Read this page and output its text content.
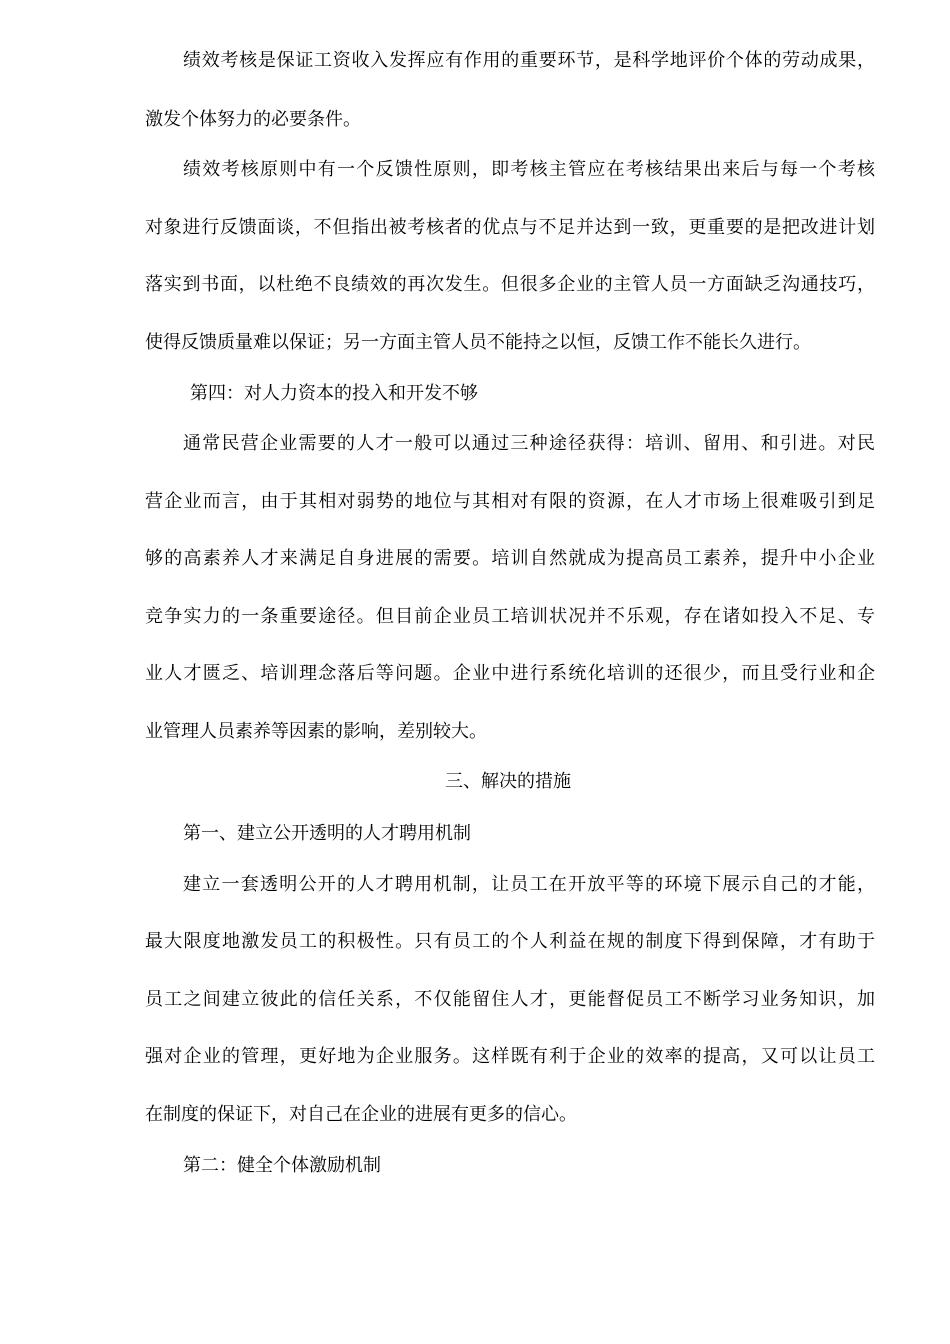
绩效考核是保证工资收入发挥应有作用的重要环节，是科学地评价个体的劳动成果，
激发个体努力的必要条件。
绩效考核原则中有一个反馈性原则，即考核主管应在考核结果出来后与每一个考核
对象进行反馈面谈，不但指出被考核者的优点与不足并达到一致，更重要的是把改进计划
落实到书面，以杜绝不良绩效的再次发生。但很多企业的主管人员一方面缺乏沟通技巧，
使得反馈质量难以保证；另一方面主管人员不能持之以恒，反馈工作不能长久进行。
第四：对人力资本的投入和开发不够
通常民营企业需要的人才一般可以通过三种途径获得：培训、留用、和引进。对民
营企业而言，由于其相对弱势的地位与其相对有限的资源，在人才市场上很难吸引到足
够的高素养人才来满足自身进展的需要。培训自然就成为提高员工素养，提升中小企业
竞争实力的一条重要途径。但目前企业员工培训状况并不乐观，存在诸如投入不足、专
业人才匮乏、培训理念落后等问题。企业中进行系统化培训的还很少，而且受行业和企
业管理人员素养等因素的影响，差别较大。
三、解决的措施
第一、建立公开透明的人才聘用机制
建立一套透明公开的人才聘用机制，让员工在开放平等的环境下展示自己的才能，
最大限度地激发员工的积极性。只有员工的个人利益在规的制度下得到保障，才有助于
员工之间建立彼此的信任关系，不仅能留住人才，更能督促员工不断学习业务知识，加
强对企业的管理，更好地为企业服务。这样既有利于企业的效率的提高，又可以让员工
在制度的保证下，对自己在企业的进展有更多的信心。
第二：健全个体激励机制
